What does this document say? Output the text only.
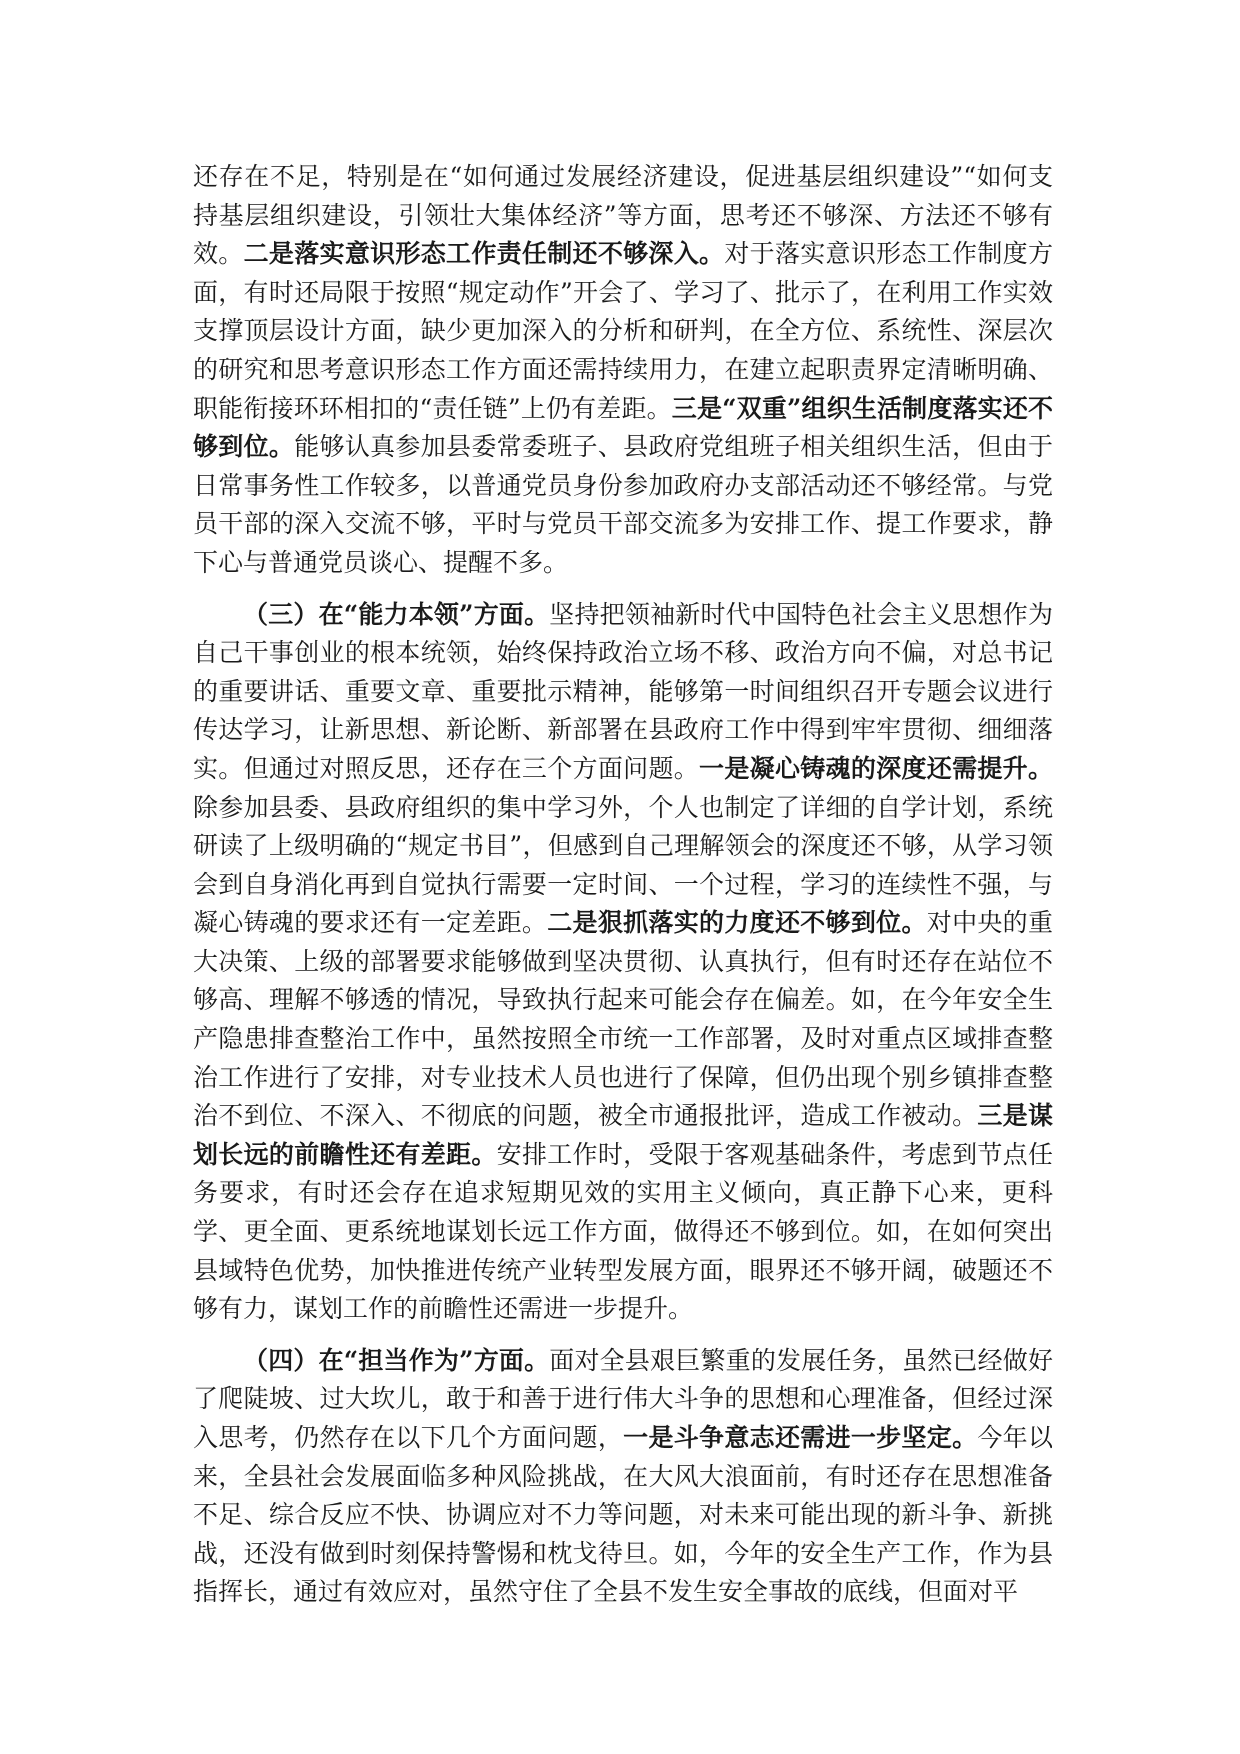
还存在不足，特别是在“如何通过发展经济建设，促进基层组织建设”“如何支持基层组织建设，引领壮大集体经济”等方面，思考还不够深、方法还不够有效。二是落实意识形态工作责任制还不够深入。对于落实意识形态工作制度方面，有时还局限于按照“规定动作”开会了、学习了、批示了，在利用工作实效支撑顶层设计方面，缺少更加深入的分析和研判，在全方位、系统性、深层次的研究和思考意识形态工作方面还需持续用力，在建立起职责界定清晰明确、职能衔接环环相扣的“责任链”上仍有差距。三是“双重”组织生活制度落实还不够到位。能够认真参加县委常委班子、县政府党组班子相关组织生活，但由于日常事务性工作较多，以普通党员身份参加政府办支部活动还不够经常。与党员干部的深入交流不够，平时与党员干部交流多为安排工作、提工作要求，静下心与普通党员谈心、提醒不多。

（三）在“能力本领”方面。坚持把领袖新时代中国特色社会主义思想作为自己干事创业的根本统领，始终保持政治立场不移、政治方向不偏，对总书记的重要讲话、重要文章、重要批示精神，能够第一时间组织召开专题会议进行传达学习，让新思想、新论断、新部署在县政府工作中得到牢牢贯彻、细细落实。但通过对照反思，还存在三个方面问题。一是凝心铸魂的深度还需提升。除参加县委、县政府组织的集中学习外，个人也制定了详细的自学计划，系统研读了上级明确的“规定书目”，但感到自己理解领会的深度还不够，从学习领会到自身消化再到自觉执行需要一定时间、一个过程，学习的连续性不强，与凝心铸魂的要求还有一定差距。二是狠抓落实的力度还不够到位。对中央的重大决策、上级的部署要求能够做到坚决贯彻、认真执行，但有时还存在站位不够高、理解不够透的情况，导致执行起来可能会存在偏差。如，在今年安全生产隐患排查整治工作中，虽然按照全市统一工作部署，及时对重点区域排查整治工作进行了安排，对专业技术人员也进行了保障，但仍出现个别乡镇排查整治不到位、不深入、不彻底的问题，被全市通报批评，造成工作被动。三是谋划长远的前瞻性还有差距。安排工作时，受限于客观基础条件，考虑到节点任务要求，有时还会存在追求短期见效的实用主义倾向，真正静下心来，更科学、更全面、更系统地谋划长远工作方面，做得还不够到位。如，在如何突出县域特色优势，加快推进传统产业转型发展方面，眼界还不够开阔，破题还不够有力，谋划工作的前瞻性还需进一步提升。

（四）在“担当作为”方面。面对全县艰巨繁重的发展任务，虽然已经做好了爬陡坡、过大坎儿，敢于和善于进行伟大斗争的思想和心理准备，但经过深入思考，仍然存在以下几个方面问题，一是斗争意志还需进一步坚定。今年以来，全县社会发展面临多种风险挑战，在大风大浪面前，有时还存在思想准备不足、综合反应不快、协调应对不力等问题，对未来可能出现的新斗争、新挑战，还没有做到时刻保持警惕和枕戈待旦。如，今年的安全生产工作，作为县指挥长，通过有效应对，虽然守住了全县不发生安全事故的底线，但面对平
